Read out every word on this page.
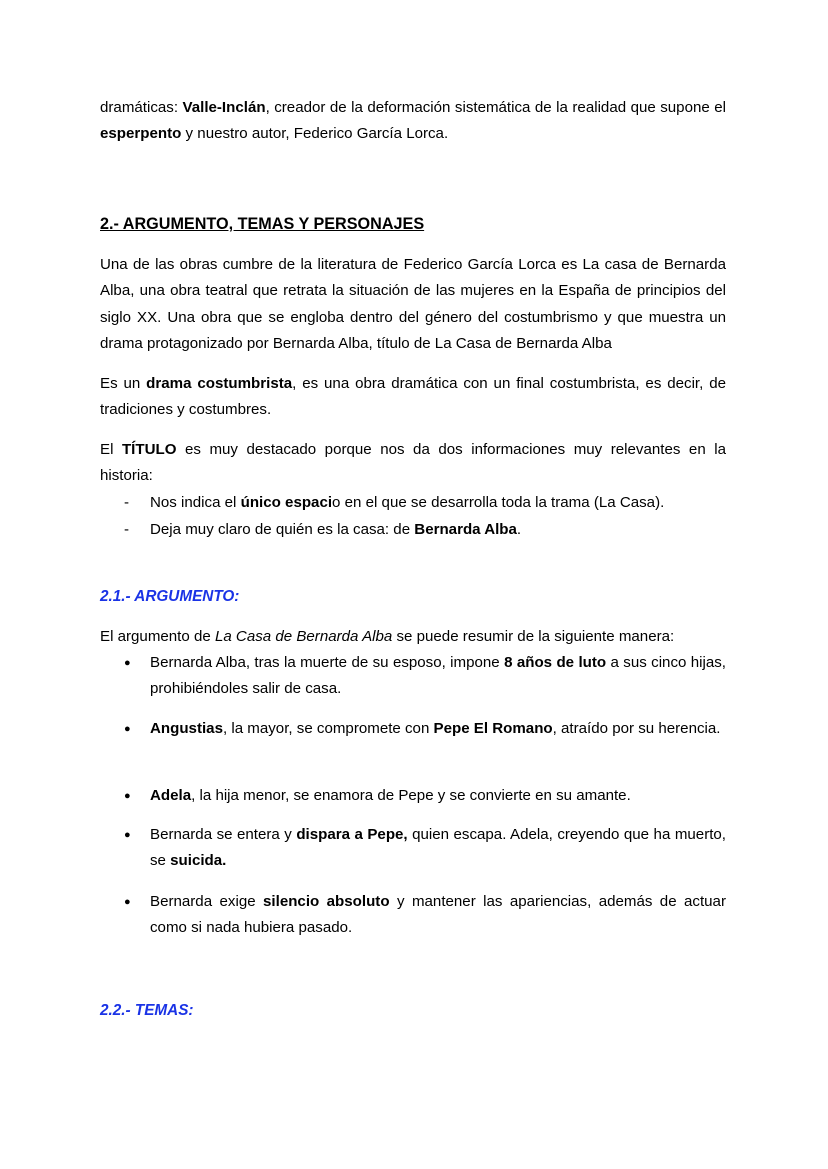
dramáticas: Valle-Inclán, creador de la deformación sistemática de la realidad que supone el esperpento y nuestro autor, Federico García Lorca.

2.- ARGUMENTO, TEMAS Y PERSONAJES

Una de las obras cumbre de la literatura de Federico García Lorca es La casa de Bernarda Alba, una obra teatral que retrata la situación de las mujeres en la España de principios del siglo XX. Una obra que se engloba dentro del género del costumbrismo y que muestra un drama protagonizado por Bernarda Alba, título de La Casa de Bernarda Alba

Es un drama costumbrista, es una obra dramática con un final costumbrista, es decir, de tradiciones y costumbres.

El TÍTULO es muy destacado porque nos da dos informaciones muy relevantes en la historia:

- Nos indica el único espacio en el que se desarrolla toda la trama (La Casa).
- Deja muy claro de quién es la casa: de Bernarda Alba.
2.1.- ARGUMENTO:

El argumento de La Casa de Bernarda Alba se puede resumir de la siguiente manera:

● Bernarda Alba, tras la muerte de su esposo, impone 8 años de luto a sus cinco hijas, prohibiéndoles salir de casa.
● Angustias, la mayor, se compromete con Pepe El Romano, atraído por su herencia.
● Adela, la hija menor, se enamora de Pepe y se convierte en su amante.
● Bernarda se entera y dispara a Pepe, quien escapa. Adela, creyendo que ha muerto, se suicida.
● Bernarda exige silencio absoluto y mantener las apariencias, además de actuar como si nada hubiera pasado.
2.2.- TEMAS:
